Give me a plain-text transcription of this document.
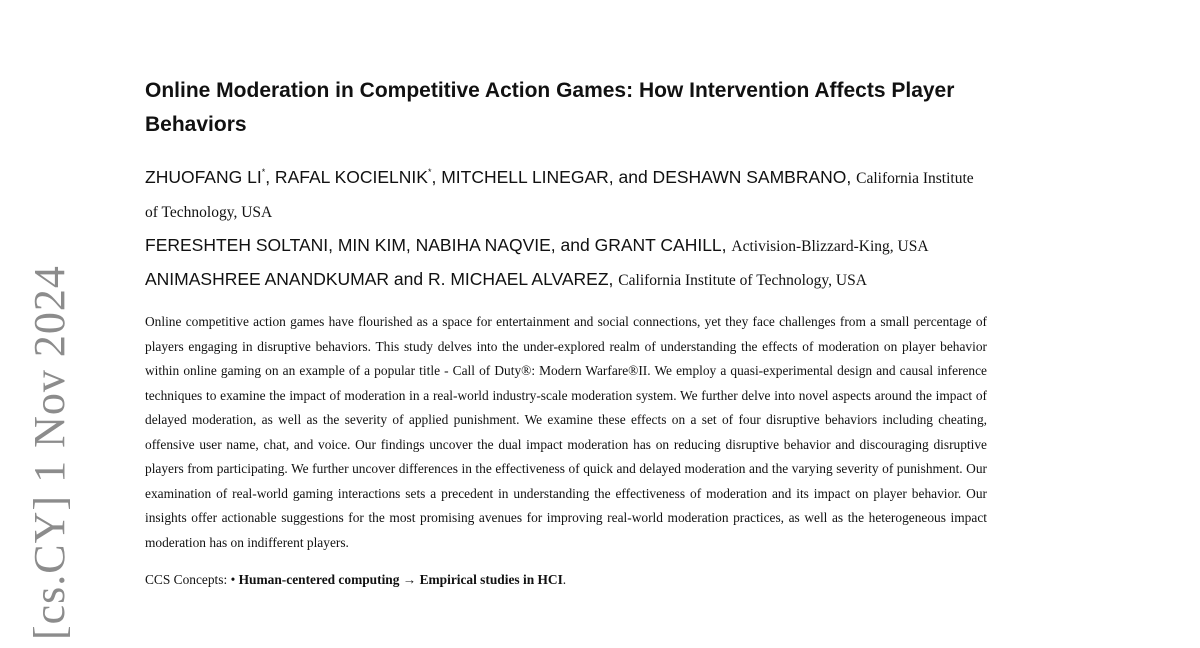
[cs.CY] 1 Nov 2024
Online Moderation in Competitive Action Games: How Intervention Affects Player Behaviors
ZHUOFANG LI*, RAFAL KOCIELNIK*, MITCHELL LINEGAR, and DESHAWN SAMBRANO, California Institute of Technology, USA
FERESHTEH SOLTANI, MIN KIM, NABIHA NAQVIE, and GRANT CAHILL, Activision-Blizzard-King, USA
ANIMASHREE ANANDKUMAR and R. MICHAEL ALVAREZ, California Institute of Technology, USA

Online competitive action games have flourished as a space for entertainment and social connections, yet they face challenges from a small percentage of players engaging in disruptive behaviors. This study delves into the under-explored realm of understanding the effects of moderation on player behavior within online gaming on an example of a popular title - Call of Duty®: Modern Warfare®II. We employ a quasi-experimental design and causal inference techniques to examine the impact of moderation in a real-world industry-scale moderation system. We further delve into novel aspects around the impact of delayed moderation, as well as the severity of applied punishment. We examine these effects on a set of four disruptive behaviors including cheating, offensive user name, chat, and voice. Our findings uncover the dual impact moderation has on reducing disruptive behavior and discouraging disruptive players from participating. We further uncover differences in the effectiveness of quick and delayed moderation and the varying severity of punishment. Our examination of real-world gaming interactions sets a precedent in understanding the effectiveness of moderation and its impact on player behavior. Our insights offer actionable suggestions for the most promising avenues for improving real-world moderation practices, as well as the heterogeneous impact moderation has on indifferent players.

CCS Concepts: • Human-centered computing → Empirical studies in HCI.
